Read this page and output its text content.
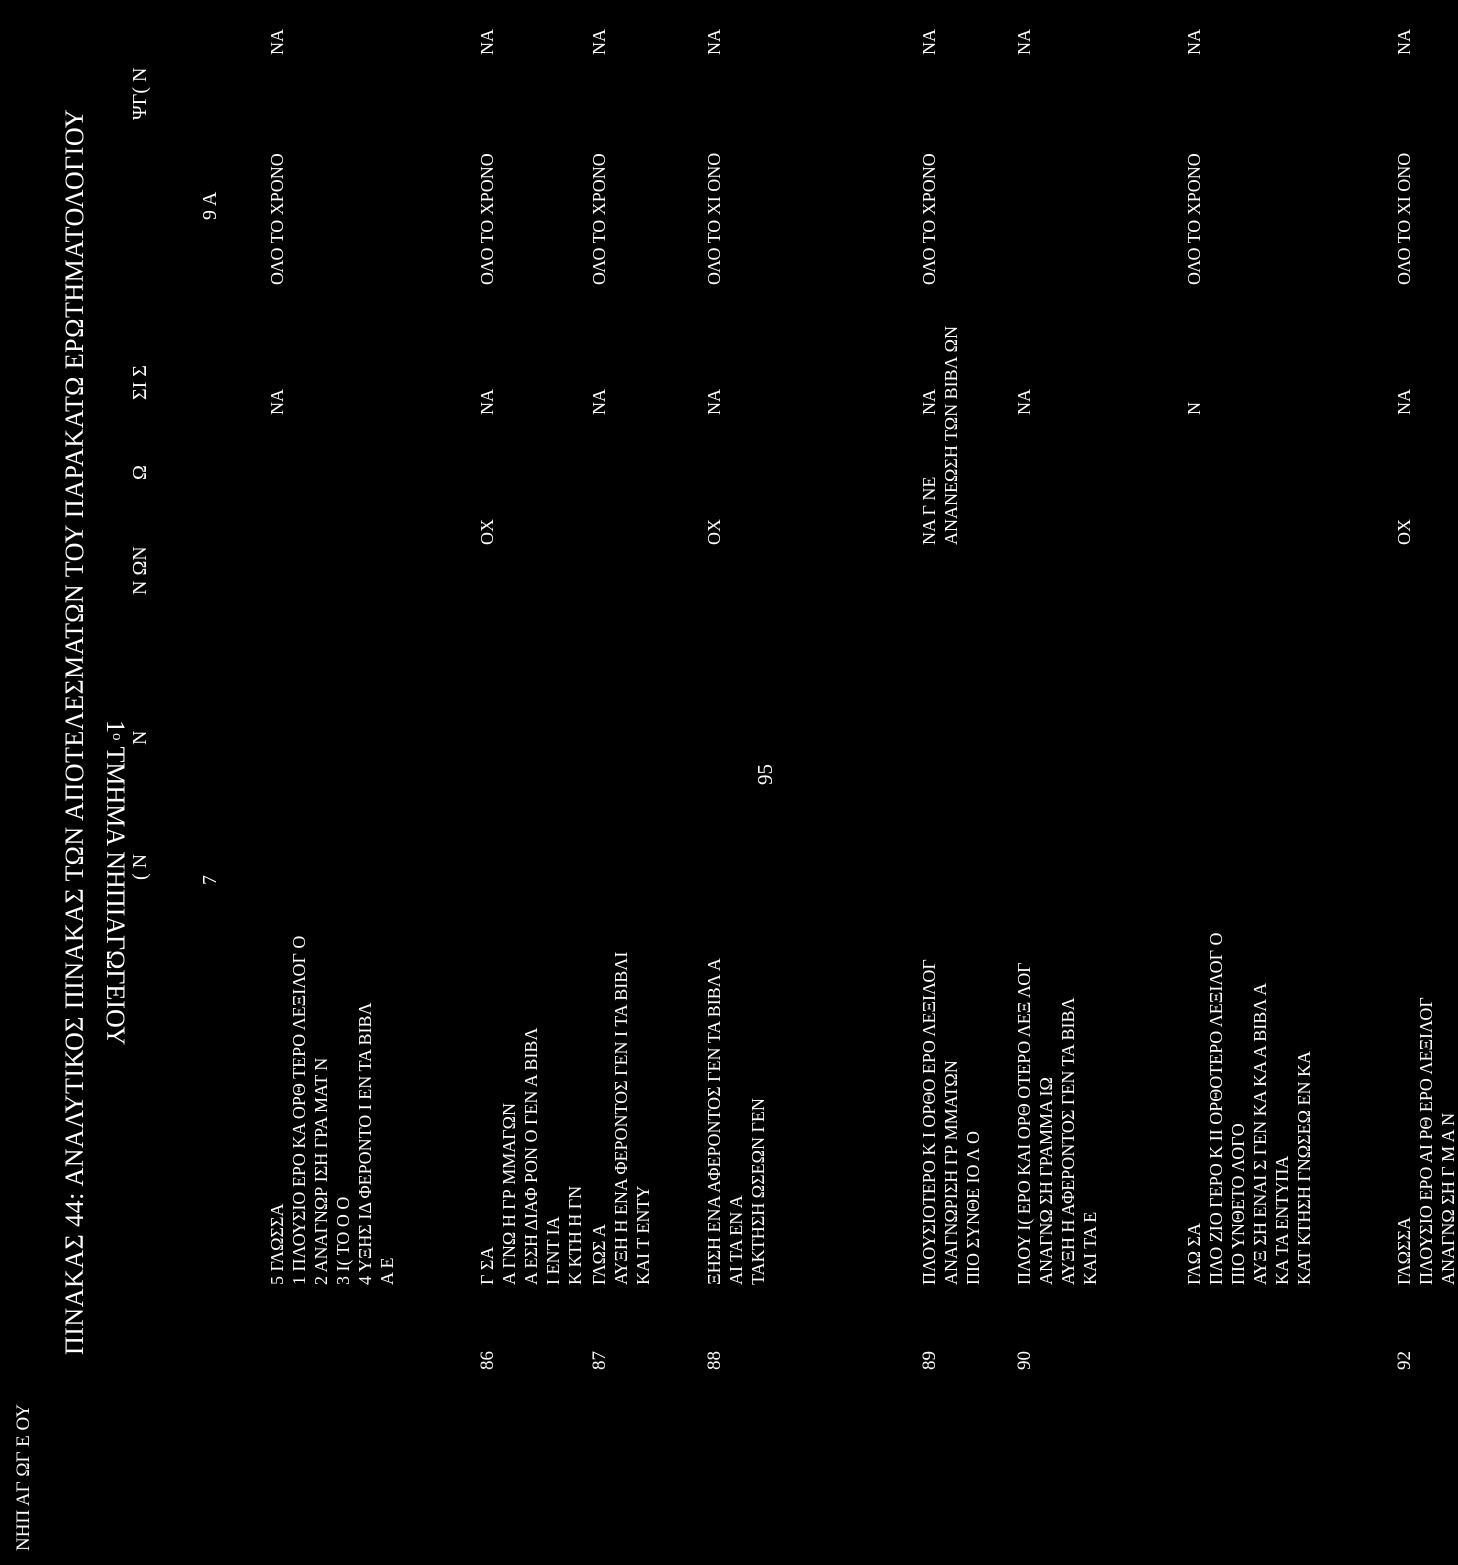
ΠΙΝΑΚΑΣ 44: ΑΝΑΛΥΤΙΚΟΣ ΠΙΝΑΚΑΣ ΤΩΝ ΑΠΟΤΕΛΕΣΜΑΤΩΝ ΤΟΥ ΠΑΡΑΚΑΤΩ ΕΡΩΤΗΜΑΤΟΛΟΓΙΟΥ
ΝΗΠ ΑΓ ΩΓ Ε ΟΥ
ΨΓ( Ν
( Ν
Ν
Ν ΩΝ
Ω
ΣΙ Σ
7
9 Α
95
5 ΓΛΩΣΣΑ 1 ΠΛΟΥΣΙΟ ΕΡΟ ΚΑ ΟΡΘ ΤΕΡΟ ΛΕΞΙΛΟΓ Ο 2 ΑΝΑΓΝΩΡ ΙΣΗ ΓΡΑ ΜΑΤ Ν 3 Ι( ΤΟ Ο Ο 4 ΥΞΗΣ ΙΔ ΦΕΡΟΝΤΟ Ι ΕΝ ΤΑ ΒΙΒΛ Α Ε
ΝΑ
ΟΛΟ ΤΟ ΧΡΟΝΟ
ΝΑ
86
Γ ΣΑ Α ΓΝΩ Η ΓΡ ΜΜΑΓΩΝ Α ΕΣΗ ΔΙΑΦ ΡΟΝ Ο ΓΕΝ Α ΒΙΒΛ Ι ΕΝΤ ΙΑ Κ ΚΤΗ Η ΓΝ
ΟΧ
ΝΑ
ΟΛΟ ΤΟ ΧΡΟΝΟ
ΝΑ
87
ΓΛΩΣ Α ΑΥΞΗ Η ΕΝΑ ΦΕΡΟΝΤΟΣ ΓΕΝ Ι ΤΑ ΒΙΒΛΙ ΚΑΙ Τ ΕΝΤΥ
ΝΑ
ΟΛΟ ΤΟ ΧΡΟΝΟ
ΝΑ
88
ΞΗΣΗ ΕΝΑ ΑΦΕΡΟΝΤΟΣ ΓΕΝ ΤΑ ΒΙΒΛ Α ΑΙ ΤΑ ΕΝ Α ΤΑΚΤΗΣΗ ΩΣΕΩΝ ΓΕΝ
ΟΧ
ΝΑ
ΟΛΟ ΤΟ ΧΙ ΟΝΟ
ΝΑ
89
ΠΛΟΥΣΙΟΤΕΡΟ Κ Ι ΟΡΘΟ ΕΡΟ ΛΕΞΙΛΟΓ ΑΝΑΓΝΩΡΙΣΗ ΓΡ ΜΜΑΤΩΝ ΠΙΟ ΣΥΝΘΕ ΙΟ Λ Ο
ΝΑ Γ ΝΕ ΑΝΑΝΕΩΣΗ ΤΩΝ ΒΙΒΛ ΩΝ
ΝΑ
ΟΛΟ ΤΟ ΧΡΟΝΟ
ΝΑ
90
ΠΛΟΥ Ι( ΕΡΟ ΚΑΙ ΟΡΘ ΟΤΕΡΟ ΛΕΞ ΛΟΓ ΑΝΑΓΝΩ ΣΗ ΓΡΑΜΜΑ ΙΩ ΑΥΞΗ Η ΑΦΕΡΟΝΤΟΣ ΓΕΝ ΤΑ ΒΙΒΛ ΚΑΙ ΤΑ Ε
ΝΑ
ΝΑ
ΓΛΩ ΣΑ ΠΛΟ ΖΙΟ ΓΕΡΟ Κ ΙΙ ΟΡΘΟΤΕΡΟ ΛΕΞΙΛΟΓ Ο ΠΙΟ ΥΝΘΕΤΟ ΛΟΓΟ ΑΥΞ ΣΗ ΕΝΑΙ Σ ΓΕΝ ΚΑ ΚΑ Α ΒΙΒΛ Α ΚΑ ΤΑ ΕΝΤΥΠΑ ΚΑΤ ΚΤΗΣΗ ΓΝΩΣΕΩ ΕΝ ΚΑ
Ν
ΟΛΟ ΤΟ ΧΡΟΝΟ
ΝΑ
92
ΓΛΩΣΣΑ ΠΛΟΥΣΙΟ ΕΡΟ ΑΙ ΡΘ ΕΡΟ ΛΕΞΙΛΟΓ ΑΝΑΓΝΩ ΣΗ Γ Μ Α Ν
ΟΧ
ΝΑ
ΟΛΟ ΤΟ ΧΙ ΟΝΟ
ΝΑ
$1^o$ ΤΜΗΜΑ ΝΗΠΙΑΓΩΓΕΙΟΥ
